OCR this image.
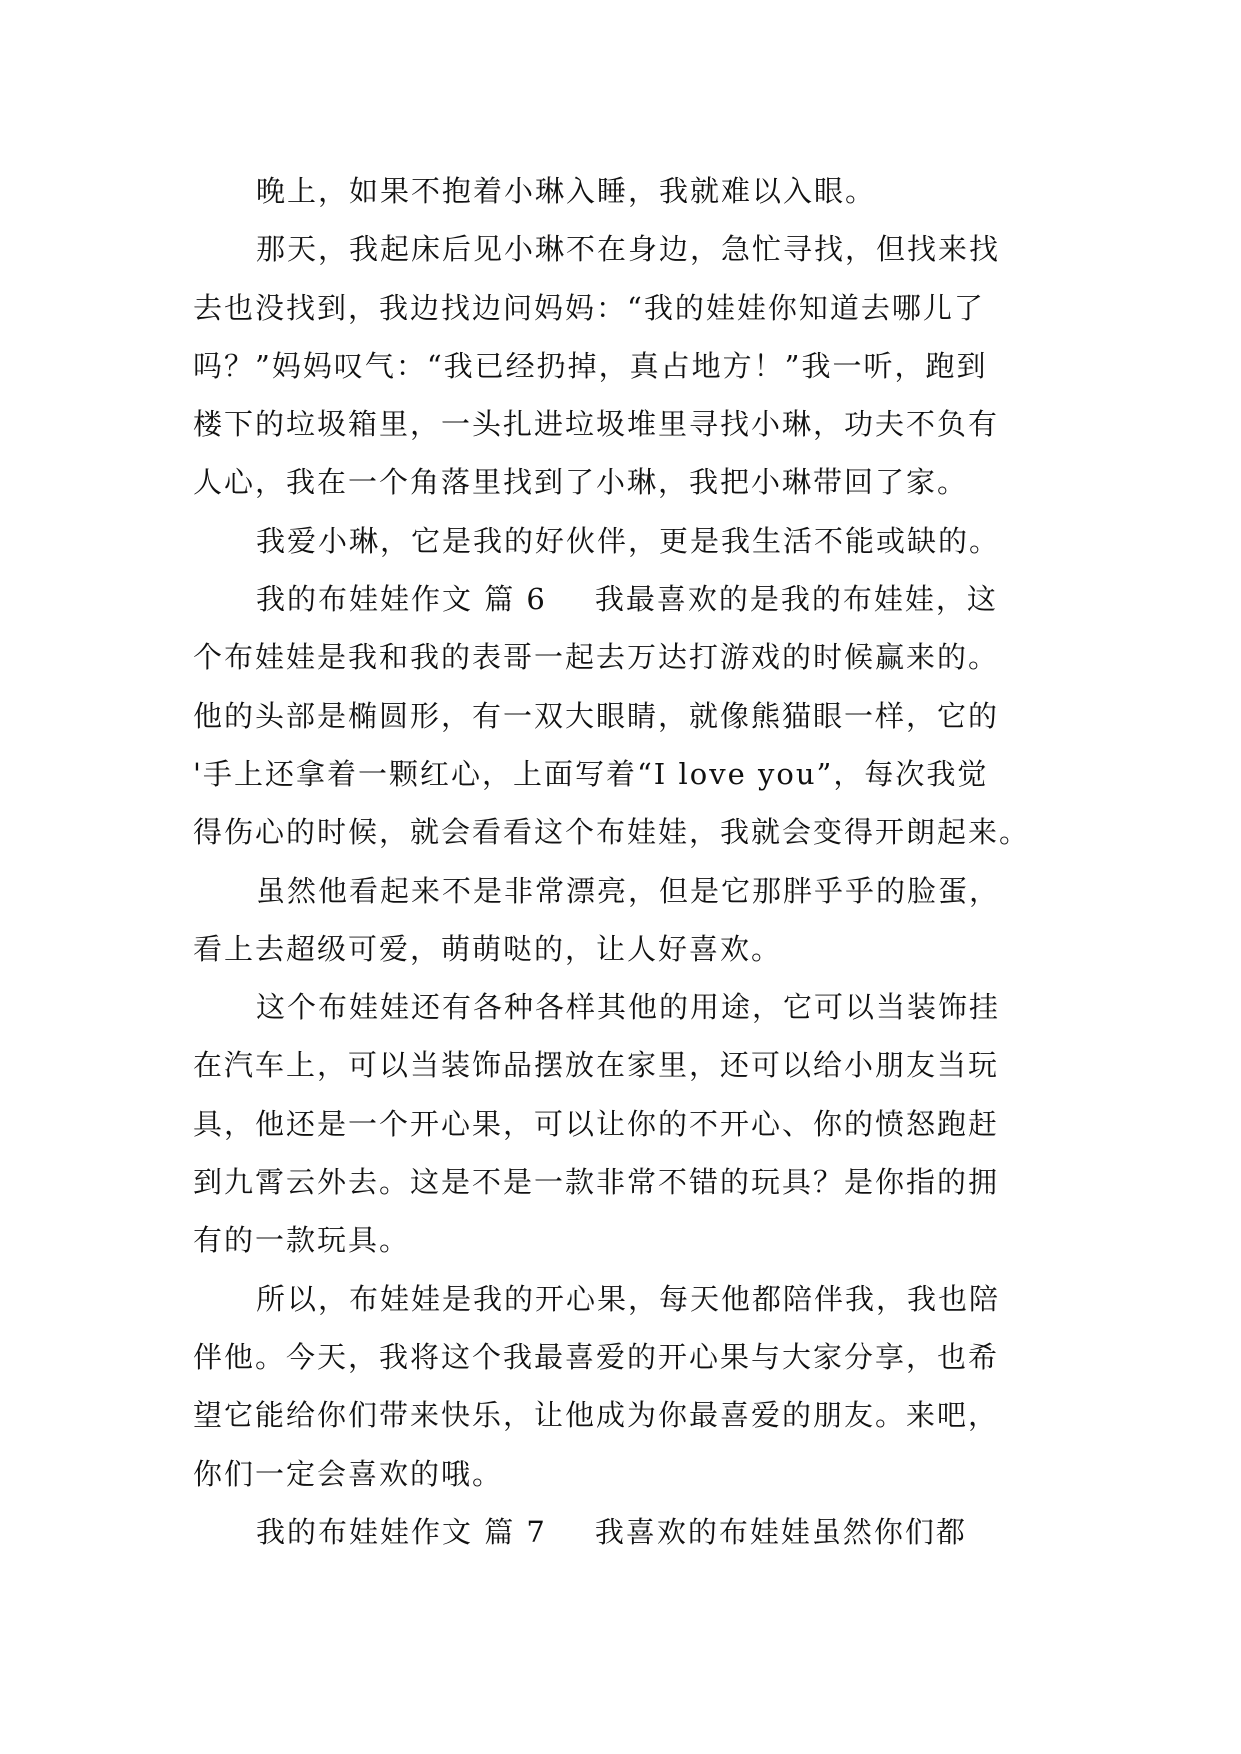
晚上，如果不抱着小琳入睡，我就难以入眼。
那天，我起床后见小琳不在身边，急忙寻找，但找来找
去也没找到，我边找边问妈妈：“我的娃娃你知道去哪儿了
吗？”妈妈叹气：“我已经扔掉，真占地方！”我一听，跑到
楼下的垃圾箱里，一头扎进垃圾堆里寻找小琳，功夫不负有
人心，我在一个角落里找到了小琳，我把小琳带回了家。
我爱小琳，它是我的好伙伴，更是我生活不能或缺的。
我的布娃娃作文 篇 6 我最喜欢的是我的布娃娃，这
个布娃娃是我和我的表哥一起去万达打游戏的时候赢来的。
他的头部是椭圆形，有一双大眼睛，就像熊猫眼一样，它的
'手上还拿着一颗红心，上面写着“I love you”，每次我觉
得伤心的时候，就会看看这个布娃娃，我就会变得开朗起来。
虽然他看起来不是非常漂亮，但是它那胖乎乎的脸蛋，
看上去超级可爱，萌萌哒的，让人好喜欢。
这个布娃娃还有各种各样其他的用途，它可以当装饰挂
在汽车上，可以当装饰品摆放在家里，还可以给小朋友当玩
具，他还是一个开心果，可以让你的不开心、你的愤怒跑赶
到九霄云外去。这是不是一款非常不错的玩具？是你指的拥
有的一款玩具。
所以，布娃娃是我的开心果，每天他都陪伴我，我也陪
伴他。今天，我将这个我最喜爱的开心果与大家分享，也希
望它能给你们带来快乐，让他成为你最喜爱的朋友。来吧，
你们一定会喜欢的哦。
我的布娃娃作文 篇 7 我喜欢的布娃娃虽然你们都
